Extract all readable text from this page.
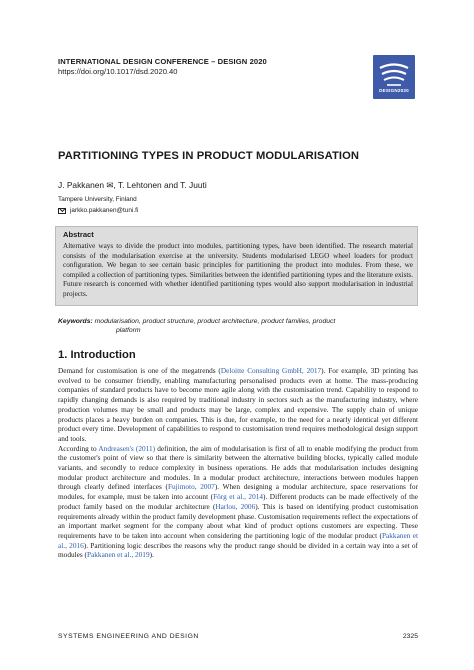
INTERNATIONAL DESIGN CONFERENCE – DESIGN 2020
https://doi.org/10.1017/dsd.2020.40
DESIGN2020
PARTITIONING TYPES IN PRODUCT MODULARISATION
J. Pakkanen ✉, T. Lehtonen and T. Juuti
Tampere University, Finland
jarkko.pakkanen@tuni.fi
Abstract
Alternative ways to divide the product into modules, partitioning types, have been identified. The research material consists of the modularisation exercise at the university. Students modularised LEGO wheel loaders for product configuration. We began to see certain basic principles for partitioning the product into modules. From these, we compiled a collection of partitioning types. Similarities between the identified partitioning types and the literature exists. Future research is concerned with whether identified partitioning types would also support modularisation in industrial projects.
Keywords: modularisation, product structure, product architecture, product families, product
platform
1. Introduction

Demand for customisation is one of the megatrends (Deloitte Consulting GmbH, 2017). For example, 3D printing has evolved to be consumer friendly, enabling manufacturing personalised products even at home. The mass-producing companies of standard products have to become more agile along with the customisation trend. Capability to respond to rapidly changing demands is also required by traditional industry in sectors such as the manufacturing industry, where production volumes may be small and products may be large, complex and expensive. The supply chain of unique products places a heavy burden on companies. This is due, for example, to the need for a nearly identical yet different product every time. Development of capabilities to respond to customisation trend requires methodological design support and tools.

According to Andreasen's (2011) definition, the aim of modularisation is first of all to enable modifying the product from the customer's point of view so that there is similarity between the alternative building blocks, typically called module variants, and secondly to reduce complexity in business operations. He adds that modularisation includes designing modular product architecture and modules. In a modular product architecture, interactions between modules happen through clearly defined interfaces (Fujimoto, 2007). When designing a modular architecture, space reservations for modules, for example, must be taken into account (Förg et al., 2014). Different products can be made effectively of the product family based on the modular architecture (Harlou, 2006). This is based on identifying product customisation requirements already within the product family development phase. Customisation requirements reflect the expectations of an important market segment for the company about what kind of product options customers are expecting. These requirements have to be taken into account when considering the partitioning logic of the modular product (Pakkanen et al., 2016). Partitioning logic describes the reasons why the product range should be divided in a certain way into a set of modules (Pakkanen et al., 2019).

SYSTEMS ENGINEERING AND DESIGN	2325
